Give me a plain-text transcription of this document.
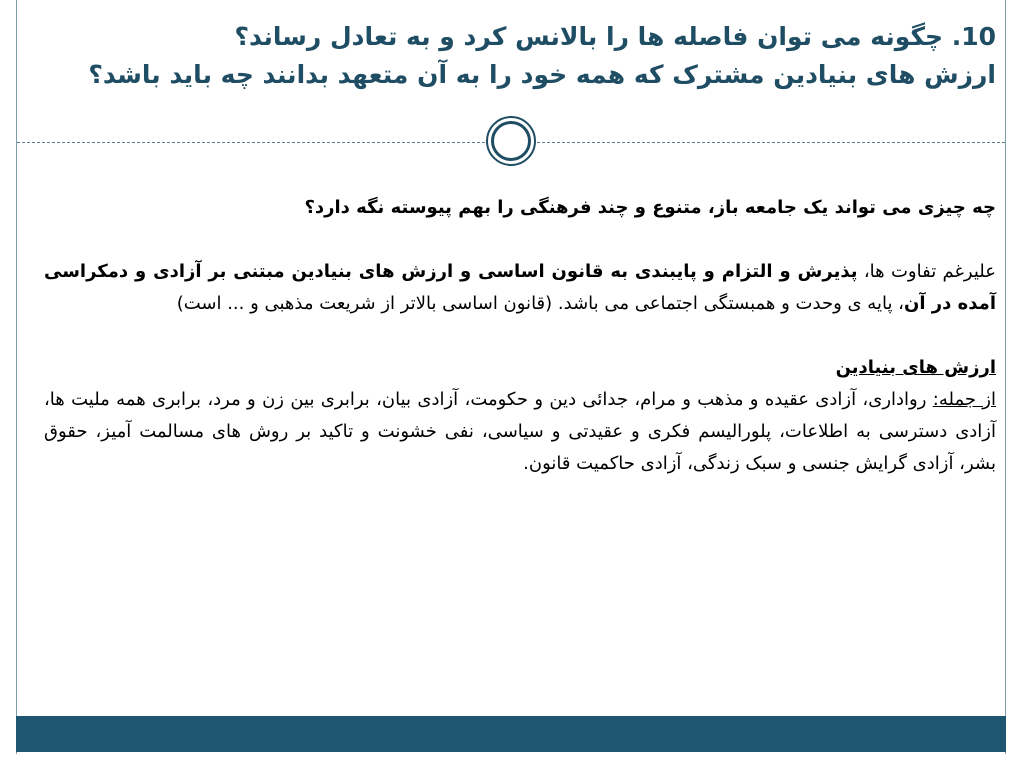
10. چگونه می توان فاصله ها را بالانس کرد و به تعادل رساند؟
ارزش های بنیادین مشترک که همه خود را به آن متعهد بدانند چه باید باشد؟

چه چیزی می تواند یک جامعه باز، متنوع و چند فرهنگی را بهم پیوسته نگه دارد؟

علیرغم تفاوت ها، پذیرش و التزام و پایبندی به قانون اساسی و ارزش های بنیادین مبتنی بر آزادی و دمکراسی آمده در آن، پایه ی وحدت و همبستگی اجتماعی می باشد. (قانون اساسی بالاتر از شریعت مذهبی و ... است)

ارزش های بنیادین

از جمله: رواداری، آزادی عقیده و مذهب و مرام، جدائی دین و حکومت، آزادی بیان، برابری بین زن و مرد، برابری همه ملیت ها، آزادی دسترسی به اطلاعات، پلورالیسم فکری و عقیدتی و سیاسی، نفی خشونت و تاکید بر روش های مسالمت آمیز، حقوق بشر، آزادی گرایش جنسی و سبک زندگی، آزادی حاکمیت قانون.
